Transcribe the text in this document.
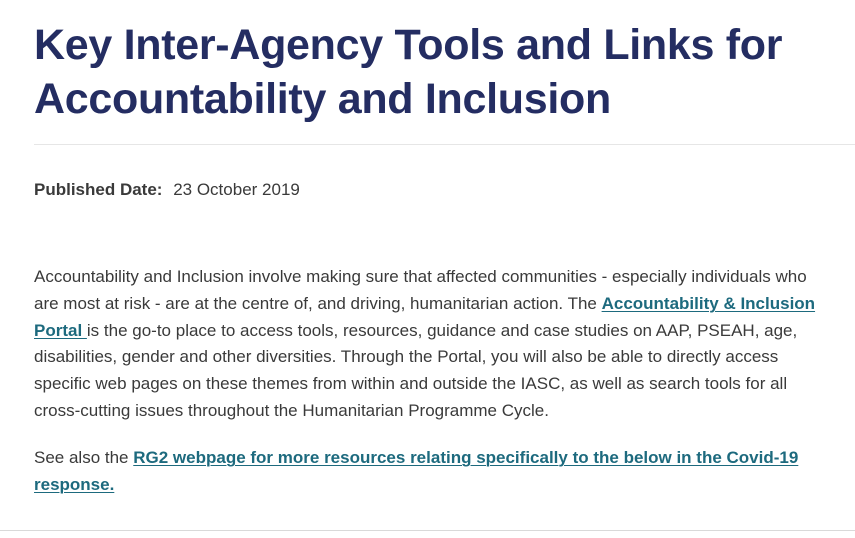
Key Inter-Agency Tools and Links for Accountability and Inclusion
Published Date: 23 October 2019

Accountability and Inclusion involve making sure that affected communities - especially individuals who are most at risk - are at the centre of, and driving, humanitarian action. The Accountability & Inclusion Portal is the go-to place to access tools, resources, guidance and case studies on AAP, PSEAH, age, disabilities, gender and other diversities. Through the Portal, you will also be able to directly access specific web pages on these themes from within and outside the IASC, as well as search tools for all cross-cutting issues throughout the Humanitarian Programme Cycle.

See also the RG2 webpage for more resources relating specifically to the below in the Covid-19 response.
